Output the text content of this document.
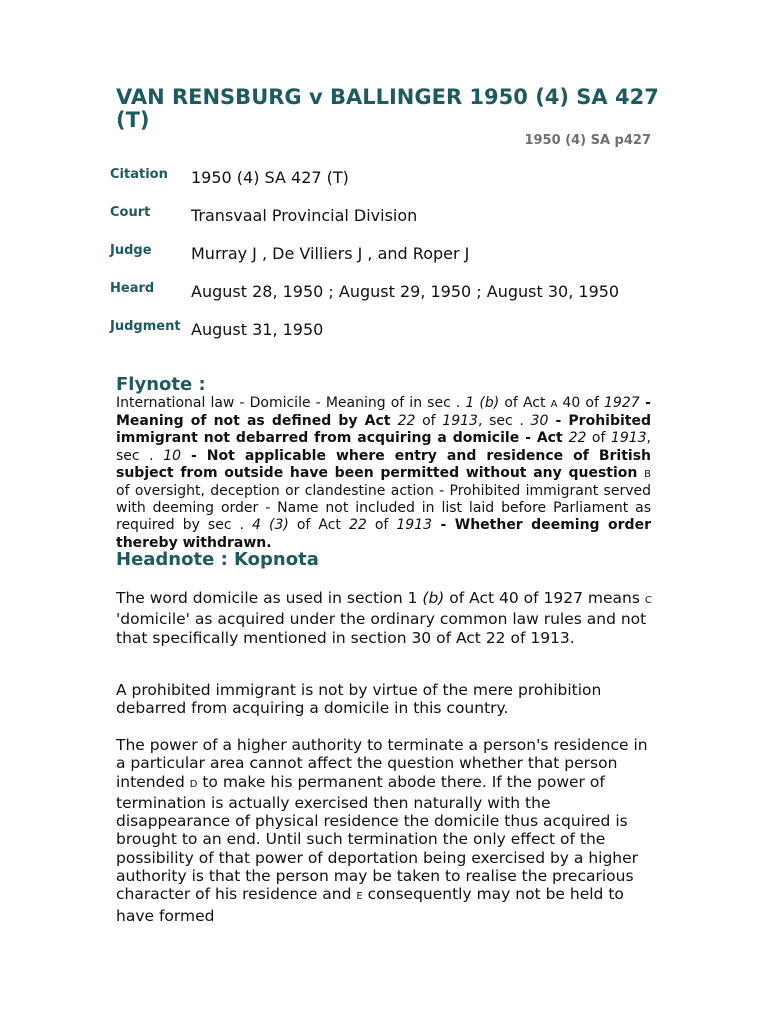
VAN RENSBURG v BALLINGER 1950 (4) SA 427 (T)
1950 (4) SA p427
Citation 1950 (4) SA 427 (T)
Court	Transvaal Provincial Division
Judge Murray J , De Villiers J , and Roper J
Heard August 28, 1950 ; August 29, 1950 ; August 30, 1950
Judgment August 31, 1950
Flynote :

International law - Domicile - Meaning of in sec . 1 (b) of Act A 40 of 1927 - Meaning of not as defined by Act 22 of 1913, sec . 30 - Prohibited immigrant not debarred from acquiring a domicile - Act 22 of 1913, sec . 10 - Not applicable where entry and residence of British subject from outside have been permitted without any question B of oversight, deception or clandestine action - Prohibited immigrant served with deeming order - Name not included in list laid before Parliament as required by sec . 4 (3) of Act 22 of 1913 - Whether deeming order thereby withdrawn.

Headnote : Kopnota

The word domicile as used in section 1 (b) of Act 40 of 1927 means C 'domicile' as acquired under the ordinary common law rules and not that specifically mentioned in section 30 of Act 22 of 1913.

A prohibited immigrant is not by virtue of the mere prohibition debarred from acquiring a domicile in this country.

The power of a higher authority to terminate a person's residence in a particular area cannot affect the question whether that person intended D to make his permanent abode there. If the power of termination is actually exercised then naturally with the disappearance of physical residence the domicile thus acquired is brought to an end. Until such termination the only effect of the possibility of that power of deportation being exercised by a higher authority is that the person may be taken to realise the precarious character of his residence and E consequently may not be held to have formed
